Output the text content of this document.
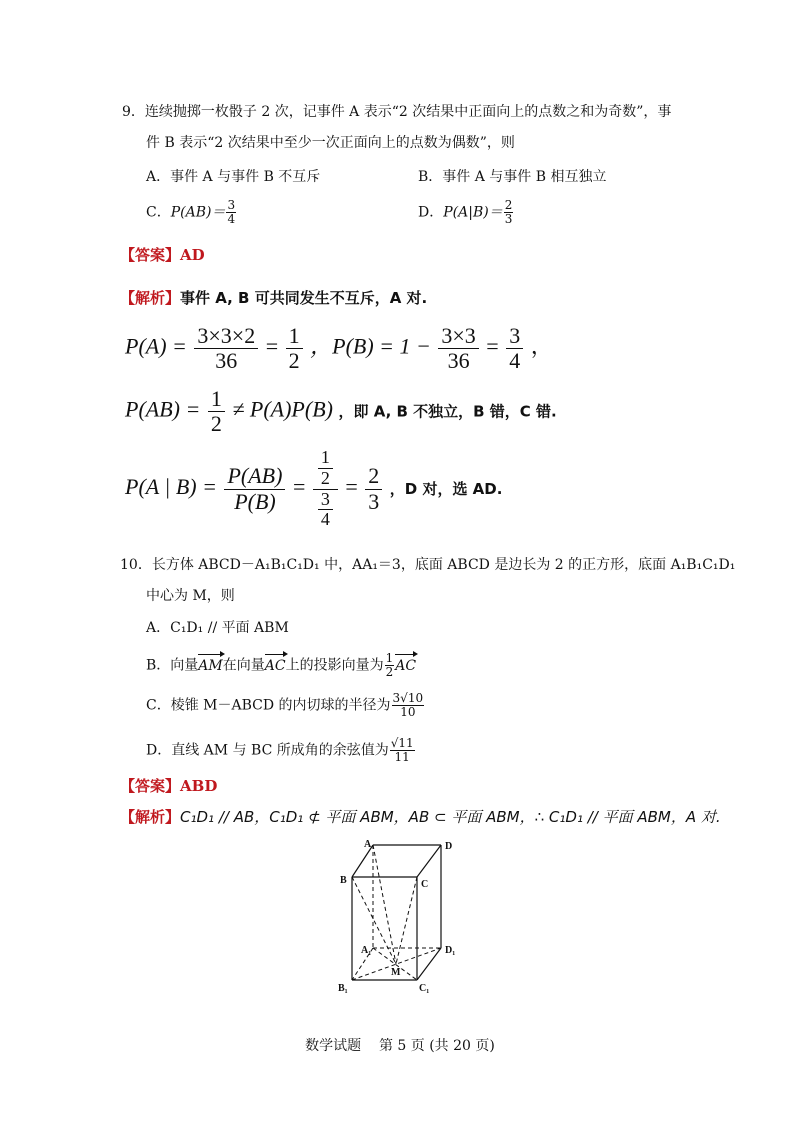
9．连续抛掷一枚骰子 2 次，记事件 A 表示“2 次结果中正面向上的点数之和为奇数”，事
件 B 表示“2 次结果中至少一次正面向上的点数为偶数”，则
A．事件 A 与事件 B 不互斥	B．事件 A 与事件 B 相互独立
C．$P(AB)= \frac{3}{4}$	D．$P(A|B)= \frac{2}{3}$
【答案】AD
【解析】事件 A, B 可共同发生不互斥，A 对.
$P(A) = \frac{3\times 3\times 2}{36} = \frac{1}{2}$ ，$P(B) = 1 - \frac{3\times 3}{36} = \frac{3}{4}$ ，
$P(AB) = \frac{1}{2} \ne P(A)P(B)$ ，即 A, B 不独立，B 错，C 错.
P(A | $B) = \frac{P(AB)}{P(B)} = \frac{\frac{1}{2}}{\frac{3}{4}} = \frac{2}{3}$ ，D 对，选 AD.
10．长方体 ABCD－A₁B₁C₁D₁ 中，AA₁＝3，底面 ABCD 是边长为 2 的正方形，底面 A₁B₁C₁D₁
中心为 M，则
A．C₁D₁ // 平面 ABM
B．向量AM在向量AC上的投影向量为 $\frac{1}{2}$ AC
C．棱锥 M－ABCD 的内切球的半径为 $\frac{3√10}{10}$
D．直线 AM 与 BC 所成角的余弦值为 $\frac{√11}{11}$
【答案】ABD
【解析】C₁D₁ // AB，C₁D₁ ⊄ 平面 ABM，AB ⊂ 平面 ABM，∴ C₁D₁ // 平面 ABM，A 对.
A	D
B	C
A₁	D₁
B₁	C₁
M
数学试题    第 5 页 (共 20 页)
